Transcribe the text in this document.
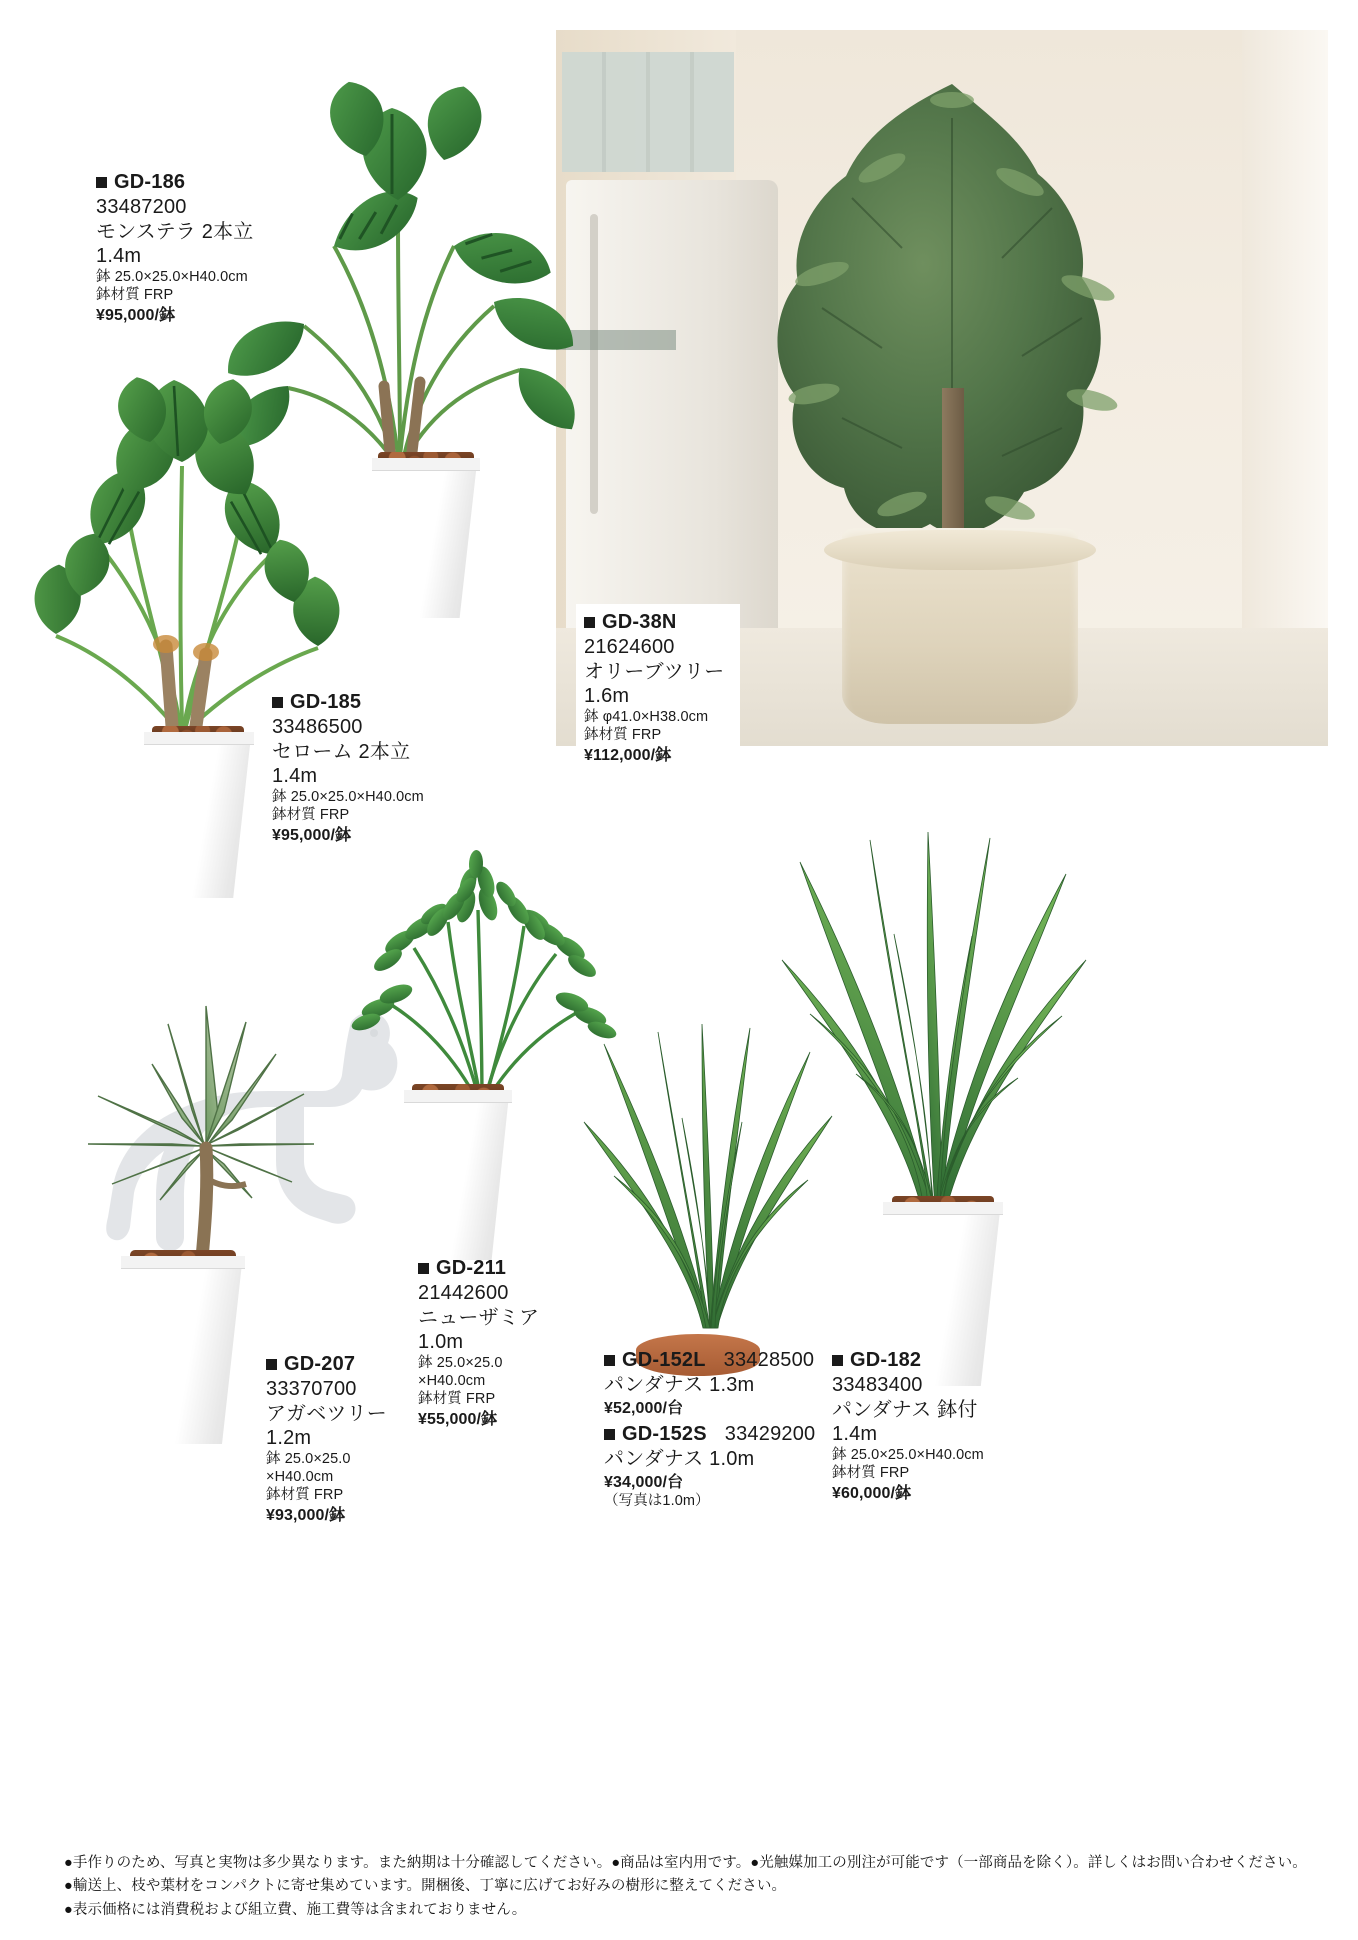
GD-186
33487200
モンステラ 2本立
1.4m
鉢 25.0×25.0×H40.0cm
鉢材質 FRP
¥95,000/鉢
GD-185
33486500
セローム 2本立
1.4m
鉢 25.0×25.0×H40.0cm
鉢材質 FRP
¥95,000/鉢
GD-38N
21624600
オリーブツリー
1.6m
鉢 φ41.0×H38.0cm
鉢材質 FRP
¥112,000/鉢
GD-207
33370700
アガベツリー
1.2m
鉢 25.0×25.0
×H40.0cm
鉢材質 FRP
¥93,000/鉢
GD-211
21442600
ニューザミア
1.0m
鉢 25.0×25.0
×H40.0cm
鉢材質 FRP
¥55,000/鉢
GD-152L 33428500
パンダナス 1.3m
¥52,000/台
GD-152S 33429200
パンダナス 1.0m
¥34,000/台
（写真は1.0m）
GD-182
33483400
パンダナス 鉢付
1.4m
鉢 25.0×25.0×H40.0cm
鉢材質 FRP
¥60,000/鉢
●手作りのため、写真と実物は多少異なります。また納期は十分確認してください。●商品は室内用です。●光触媒加工の別注が可能です（一部商品を除く）。詳しくはお問い合わせください。
●輸送上、枝や葉材をコンパクトに寄せ集めています。開梱後、丁寧に広げてお好みの樹形に整えてください。
●表示価格には消費税および組立費、施工費等は含まれておりません。
